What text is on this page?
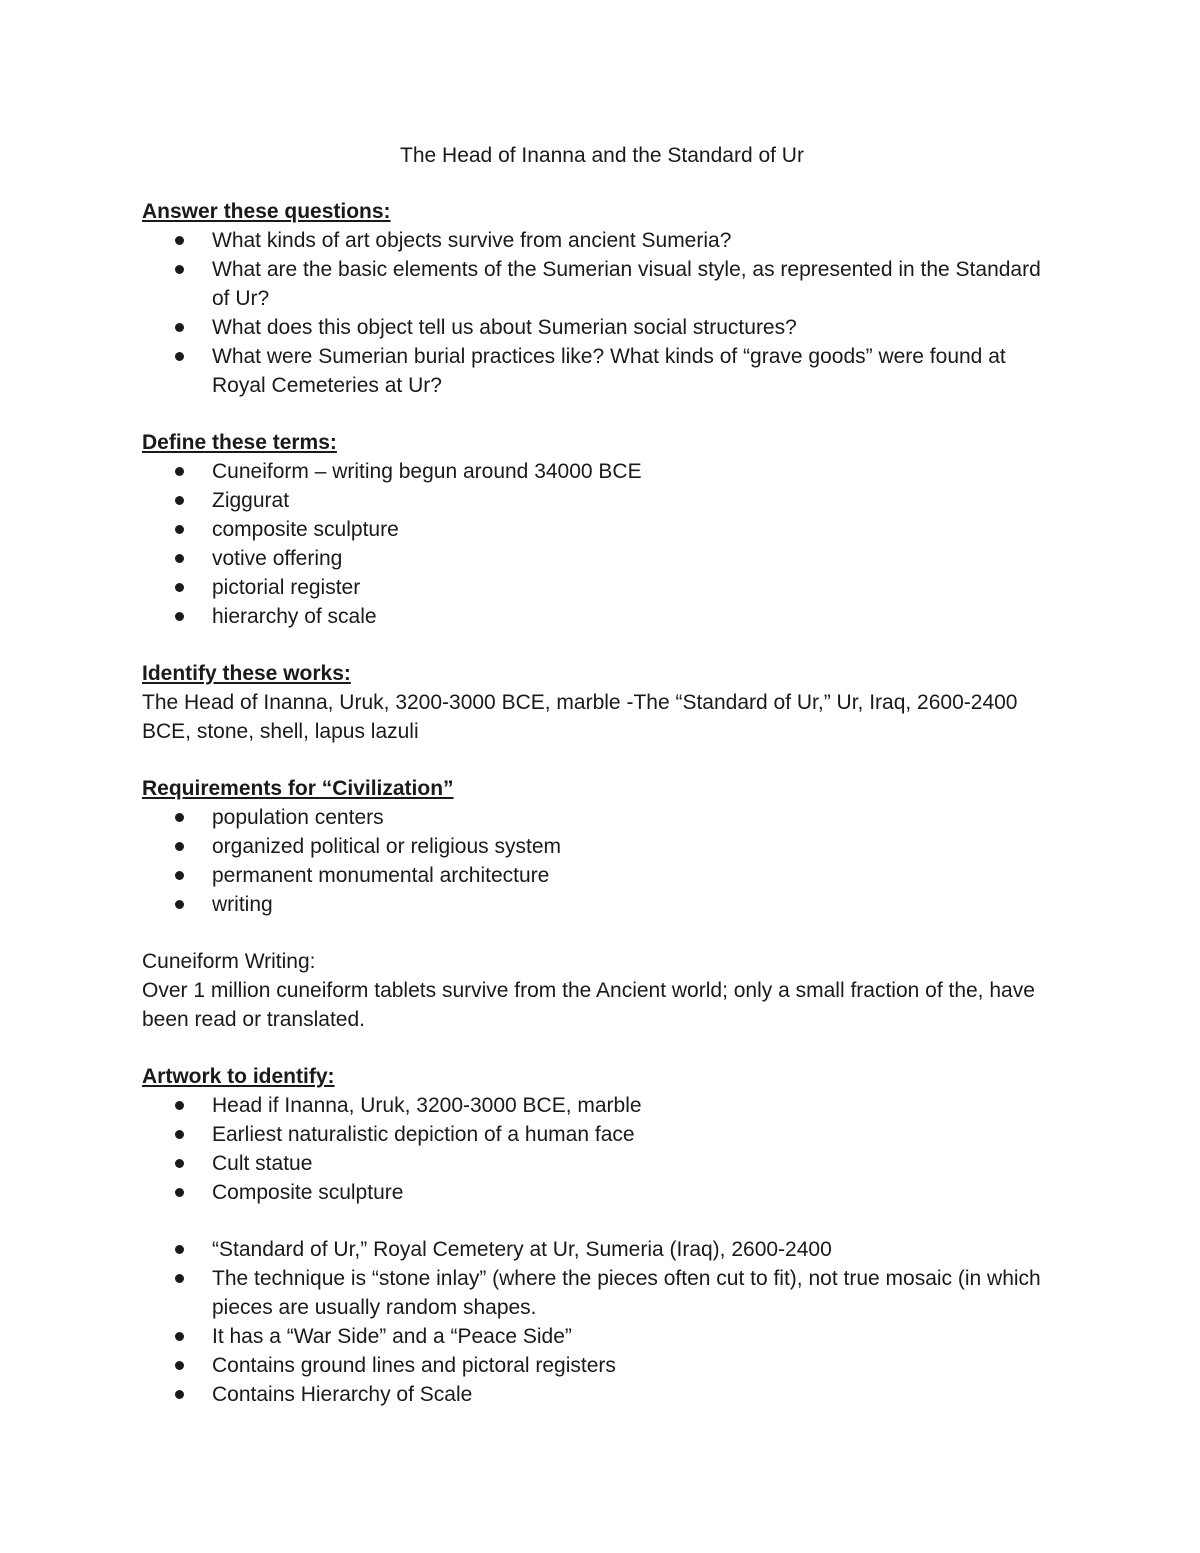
The Head of Inanna and the Standard of Ur

Answer these questions:

What kinds of art objects survive from ancient Sumeria?
What are the basic elements of the Sumerian visual style, as represented in the Standard of Ur?
What does this object tell us about Sumerian social structures?
What were Sumerian burial practices like? What kinds of “grave goods” were found at Royal Cemeteries at Ur?

Define these terms:

Cuneiform – writing begun around 34000 BCE
Ziggurat
composite sculpture
votive offering
pictorial register
hierarchy of scale

Identify these works:

The Head of Inanna, Uruk, 3200-3000 BCE, marble -The “Standard of Ur,” Ur, Iraq, 2600-2400 BCE, stone, shell, lapus lazuli

Requirements for “Civilization”

population centers
organized political or religious system
permanent monumental architecture
writing

Cuneiform Writing:

Over 1 million cuneiform tablets survive from the Ancient world; only a small fraction of the, have been read or translated.

Artwork to identify:

Head if Inanna, Uruk, 3200-3000 BCE, marble
Earliest naturalistic depiction of a human face
Cult statue
Composite sculpture
“Standard of Ur,” Royal Cemetery at Ur, Sumeria (Iraq), 2600-2400
The technique is “stone inlay” (where the pieces often cut to fit), not true mosaic (in which pieces are usually random shapes.
It has a “War Side” and a “Peace Side”
Contains ground lines and pictoral registers
Contains Hierarchy of Scale
